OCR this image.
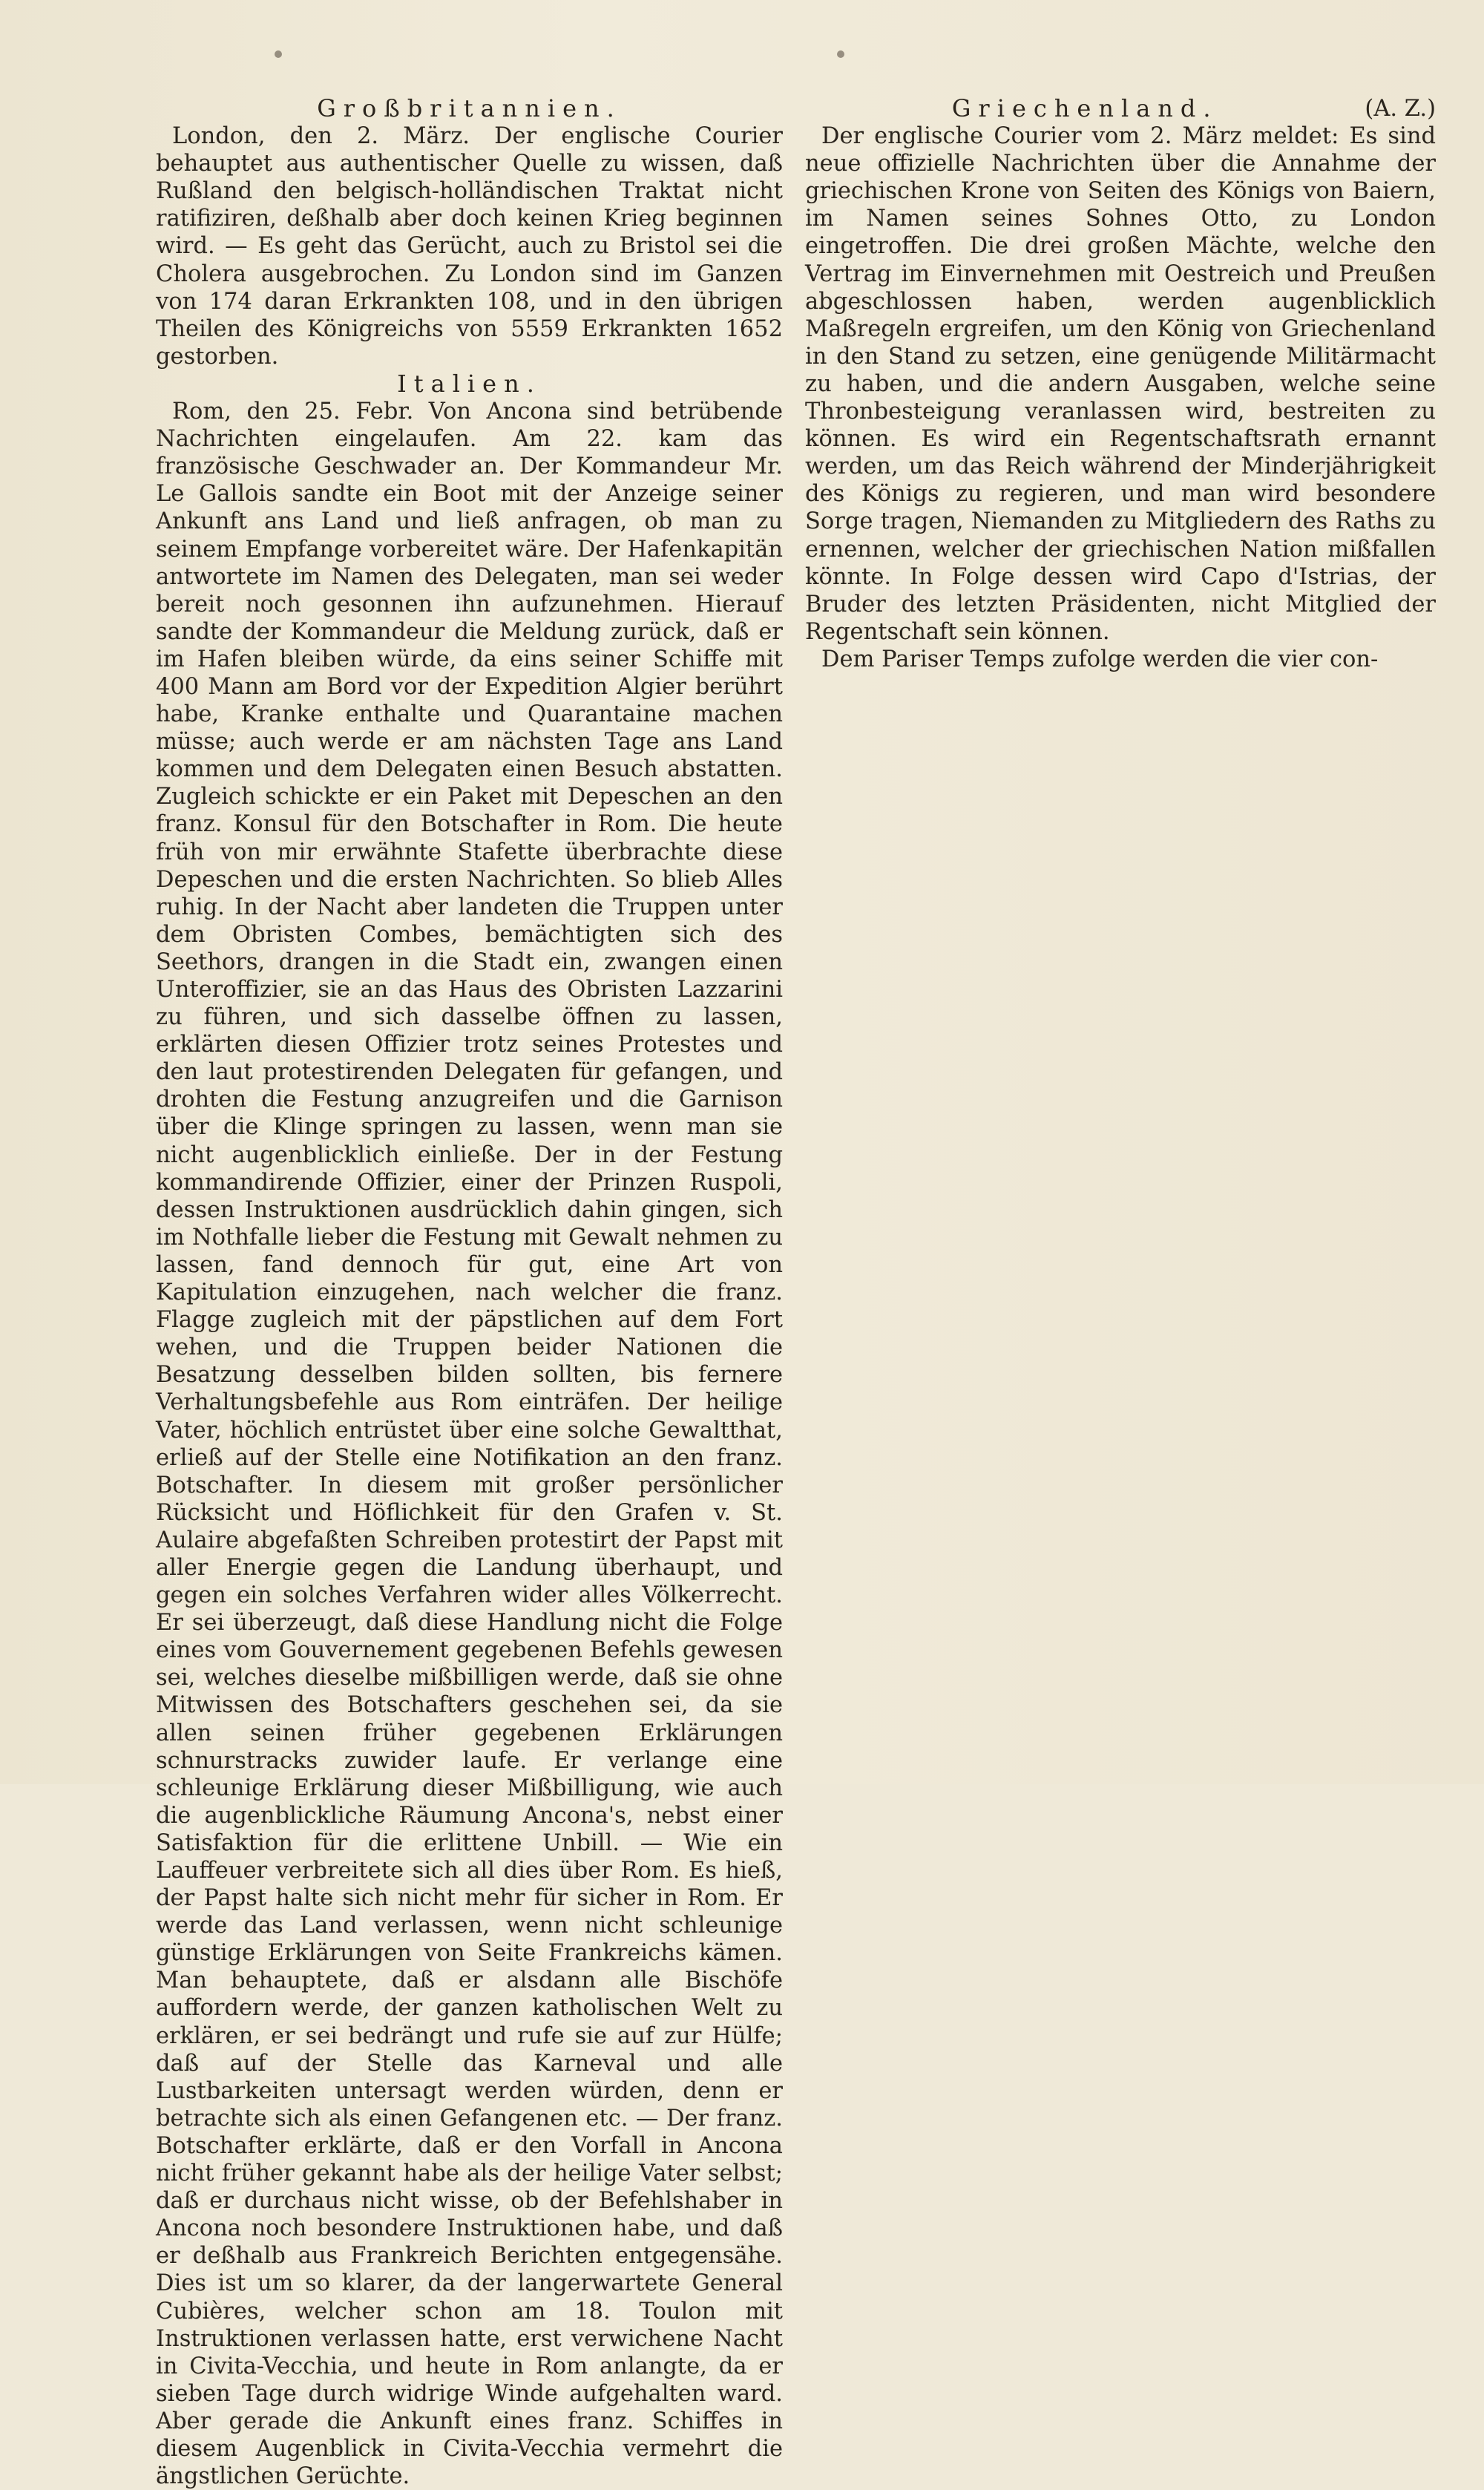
Großbritannien.

London, den 2. März. Der englische Courier behauptet aus authentischer Quelle zu wissen, daß Rußland den belgisch-holländischen Traktat nicht ratifiziren, deßhalb aber doch keinen Krieg beginnen wird. — Es geht das Gerücht, auch zu Bristol sei die Cholera ausgebrochen. Zu London sind im Ganzen von 174 daran Erkrankten 108, und in den übrigen Theilen des Königreichs von 5559 Erkrankten 1652 gestorben.

Italien.

Rom, den 25. Febr. Von Ancona sind betrübende Nachrichten eingelaufen. Am 22. kam das französische Geschwader an. Der Kommandeur Mr. Le Gallois sandte ein Boot mit der Anzeige seiner Ankunft ans Land und ließ anfragen, ob man zu seinem Empfange vorbereitet wäre. Der Hafenkapitän antwortete im Namen des Delegaten, man sei weder bereit noch gesonnen ihn aufzunehmen. Hierauf sandte der Kommandeur die Meldung zurück, daß er im Hafen bleiben würde, da eins seiner Schiffe mit 400 Mann am Bord vor der Expedition Algier berührt habe, Kranke enthalte und Quarantaine machen müsse; auch werde er am nächsten Tage ans Land kommen und dem Delegaten einen Besuch abstatten. Zugleich schickte er ein Paket mit Depeschen an den franz. Konsul für den Botschafter in Rom. Die heute früh von mir erwähnte Stafette überbrachte diese Depeschen und die ersten Nachrichten. So blieb Alles ruhig. In der Nacht aber landeten die Truppen unter dem Obristen Combes, bemächtigten sich des Seethors, drangen in die Stadt ein, zwangen einen Unteroffizier, sie an das Haus des Obristen Lazzarini zu führen, und sich dasselbe öffnen zu lassen, erklärten diesen Offizier trotz seines Protestes und den laut protestirenden Delegaten für gefangen, und drohten die Festung anzugreifen und die Garnison über die Klinge springen zu lassen, wenn man sie nicht augenblicklich einließe. Der in der Festung kommandirende Offizier, einer der Prinzen Ruspoli, dessen Instruktionen ausdrücklich dahin gingen, sich im Nothfalle lieber die Festung mit Gewalt nehmen zu lassen, fand dennoch für gut, eine Art von Kapitulation einzugehen, nach welcher die franz. Flagge zugleich mit der päpstlichen auf dem Fort wehen, und die Truppen beider Nationen die Besatzung desselben bilden sollten, bis fernere Verhaltungsbefehle aus Rom einträfen. Der heilige Vater, höchlich entrüstet über eine solche Gewaltthat, erließ auf der Stelle eine Notifikation an den franz. Botschafter. In diesem mit großer persönlicher Rücksicht und Höflichkeit für den Grafen v. St. Aulaire abgefaßten Schreiben protestirt der Papst mit aller Energie gegen die Landung überhaupt, und gegen ein solches Verfahren wider alles Völkerrecht. Er sei überzeugt, daß diese Handlung nicht die Folge eines vom Gouvernement gegebenen Befehls gewesen sei, welches dieselbe mißbilligen werde, daß sie ohne Mitwissen des Botschafters geschehen sei, da sie allen seinen früher gegebenen Erklärungen schnurstracks zuwider laufe. Er verlange eine schleunige Erklärung dieser Mißbilligung, wie auch die augenblickliche Räumung Ancona's, nebst einer Satisfaktion für die erlittene Unbill. — Wie ein Lauffeuer verbreitete sich all dies über Rom. Es hieß, der Papst halte sich nicht mehr für sicher in Rom. Er werde das Land verlassen, wenn nicht schleunige günstige Erklärungen von Seite Frankreichs kämen. Man behauptete, daß er alsdann alle Bischöfe auffordern werde, der ganzen katholischen Welt zu erklären, er sei bedrängt und rufe sie auf zur Hülfe; daß auf der Stelle das Karneval und alle Lustbarkeiten untersagt werden würden, denn er betrachte sich als einen Gefangenen etc. — Der franz. Botschafter erklärte, daß er den Vorfall in Ancona nicht früher gekannt habe als der heilige Vater selbst; daß er durchaus nicht wisse, ob der Befehlshaber in Ancona noch besondere Instruktionen habe, und daß er deßhalb aus Frankreich Berichten entgegensähe. Dies ist um so klarer, da der langerwartete General Cubières, welcher schon am 18. Toulon mit Instruktionen verlassen hatte, erst verwichene Nacht in Civita-Vecchia, und heute in Rom anlangte, da er sieben Tage durch widrige Winde aufgehalten ward. Aber gerade die Ankunft eines franz. Schiffes in diesem Augenblick in Civita-Vecchia vermehrt die ängstlichen Gerüchte.

(A. Z.)

Griechenland.

Der englische Courier vom 2. März meldet: Es sind neue offizielle Nachrichten über die Annahme der griechischen Krone von Seiten des Königs von Baiern, im Namen seines Sohnes Otto, zu London eingetroffen. Die drei großen Mächte, welche den Vertrag im Einvernehmen mit Oestreich und Preußen abgeschlossen haben, werden augenblicklich Maßregeln ergreifen, um den König von Griechenland in den Stand zu setzen, eine genügende Militärmacht zu haben, und die andern Ausgaben, welche seine Thronbesteigung veranlassen wird, bestreiten zu können. Es wird ein Regentschaftsrath ernannt werden, um das Reich während der Minderjährigkeit des Königs zu regieren, und man wird besondere Sorge tragen, Niemanden zu Mitgliedern des Raths zu ernennen, welcher der griechischen Nation mißfallen könnte. In Folge dessen wird Capo d'Istrias, der Bruder des letzten Präsidenten, nicht Mitglied der Regentschaft sein können.

Dem Pariser Temps zufolge werden die vier con-
